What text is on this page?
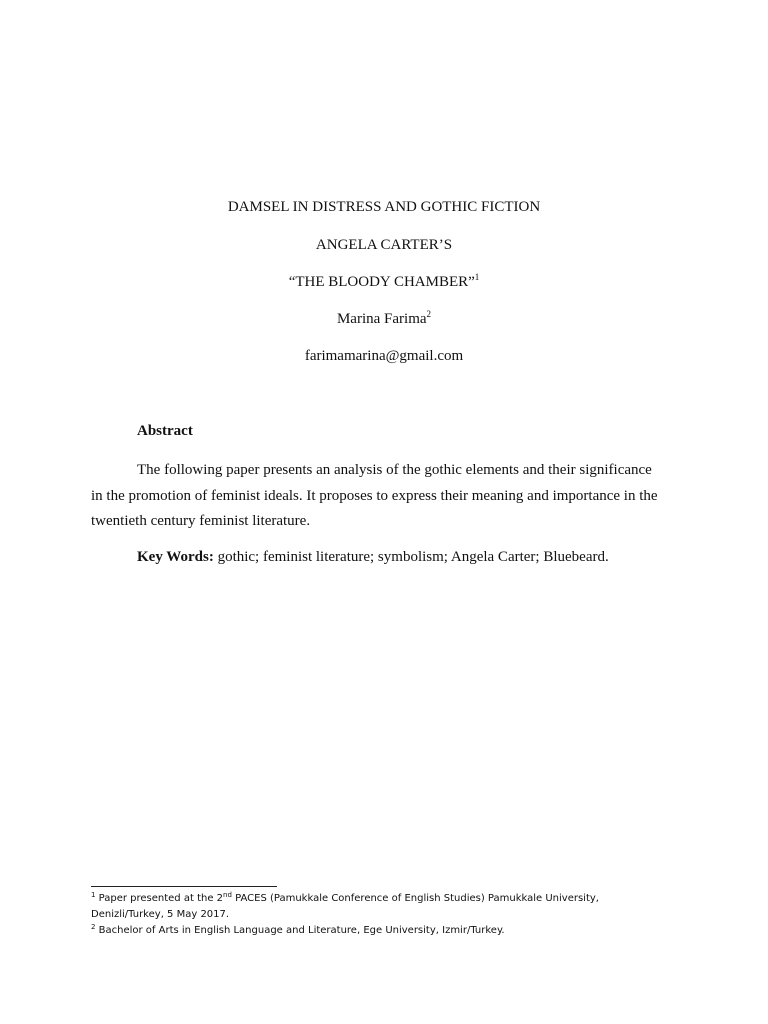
DAMSEL IN DISTRESS AND GOTHIC FICTION
ANGELA CARTER’S
“THE BLOODY CHAMBER”$^1$
Marina Farima$^2$
farimamarina@gmail.com
Abstract
The following paper presents an analysis of the gothic elements and their significance
in the promotion of feminist ideals. It proposes to express their meaning and importance in the
twentieth century feminist literature.
Key Words: gothic; feminist literature; symbolism; Angela Carter; Bluebeard.
$^1$ Paper presented at the 2nd PACES (Pamukkale Conference of English Studies) Pamukkale University,
Denizli/Turkey, 5 May 2017.
$^2$ Bachelor of Arts in English Language and Literature, Ege University, Izmir/Turkey.
